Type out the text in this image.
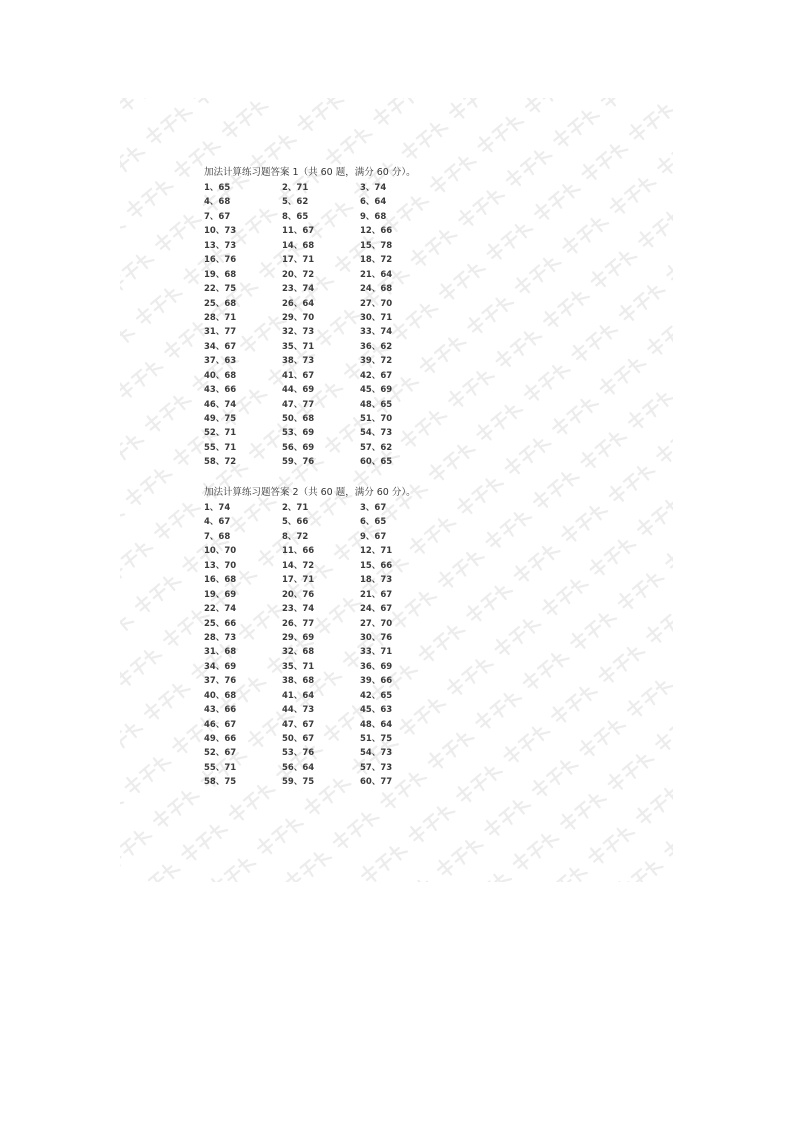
加法计算练习题答案 1（共 60 题，满分 60 分）。
1、65	2、71	3、74
4、68	5、62	6、64
7、67	8、65	9、68
10、73	11、67	12、66
13、73	14、68	15、78
16、76	17、71	18、72
19、68	20、72	21、64
22、75	23、74	24、68
25、68	26、64	27、70
28、71	29、70	30、71
31、77	32、73	33、74
34、67	35、71	36、62
37、63	38、73	39、72
40、68	41、67	42、67
43、66	44、69	45、69
46、74	47、77	48、65
49、75	50、68	51、70
52、71	53、69	54、73
55、71	56、69	57、62
58、72	59、76	60、65
加法计算练习题答案 2（共 60 题，满分 60 分）。
1、74	2、71	3、67
4、67	5、66	6、65
7、68	8、72	9、67
10、70	11、66	12、71
13、70	14、72	15、66
16、68	17、71	18、73
19、69	20、76	21、67
22、74	23、74	24、67
25、66	26、77	27、70
28、73	29、69	30、76
31、68	32、68	33、71
34、69	35、71	36、69
37、76	38、68	39、66
40、68	41、64	42、65
43、66	44、73	45、63
46、67	47、67	48、64
49、66	50、67	51、75
52、67	53、76	54、73
55、71	56、64	57、73
58、75	59、75	60、77
